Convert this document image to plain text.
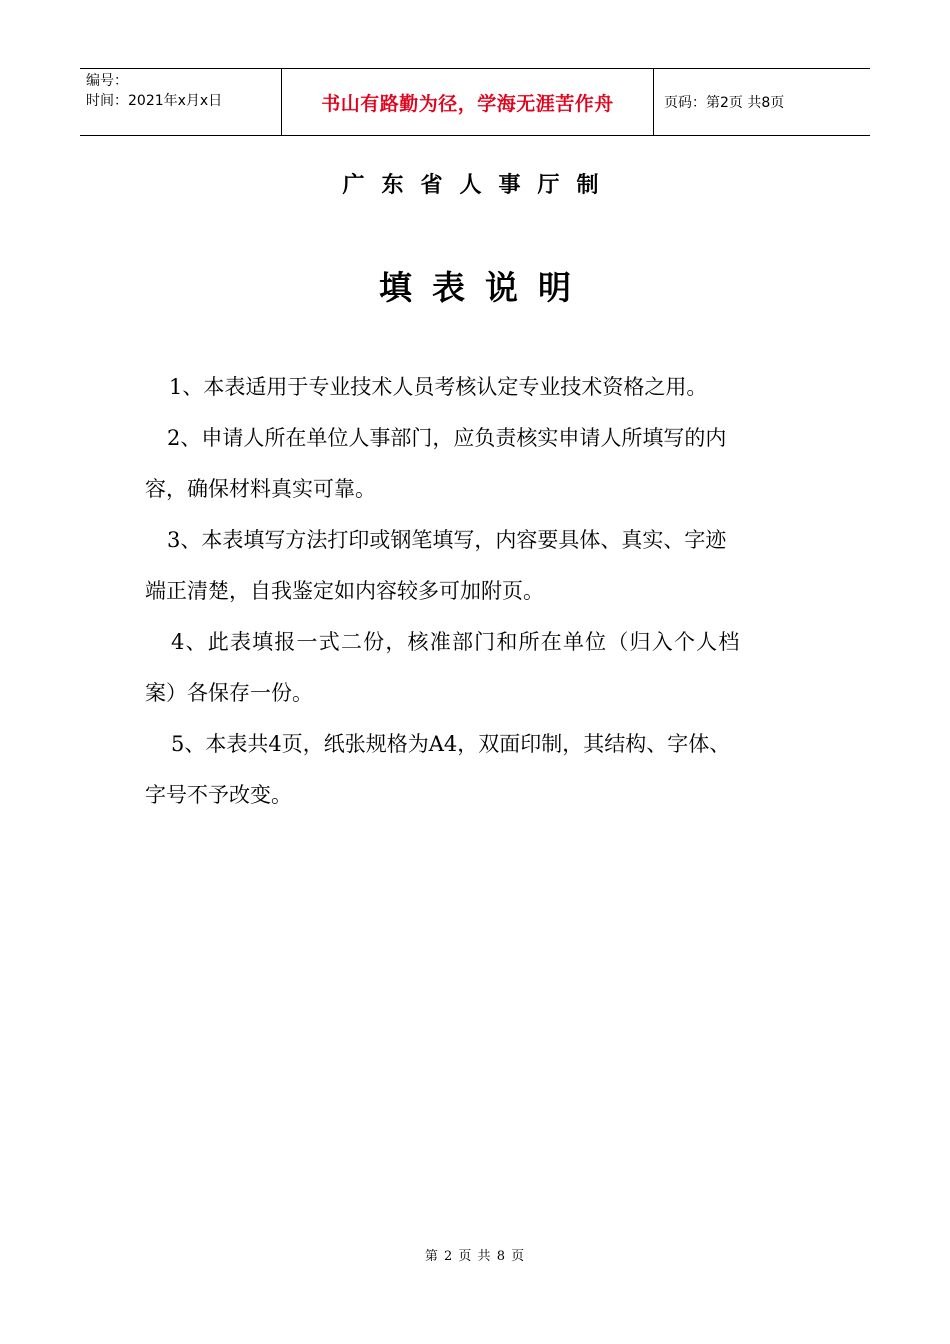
编号：
时间：2021年x月x日	书山有路勤为径，学海无涯苦作舟	页码：第2页 共8页
广东省人事厅制
填表说明

1、本表适用于专业技术人员考核认定专业技术资格之用。

2、申请人所在单位人事部门，应负责核实申请人所填写的内
容，确保材料真实可靠。

3、本表填写方法打印或钢笔填写，内容要具体、真实、字迹
端正清楚，自我鉴定如内容较多可加附页。

4、此表填报一式二份，核准部门和所在单位（归入个人档
案）各保存一份。

5、本表共4页，纸张规格为A4，双面印制，其结构、字体、
字号不予改变。

第 2 页 共 8 页
